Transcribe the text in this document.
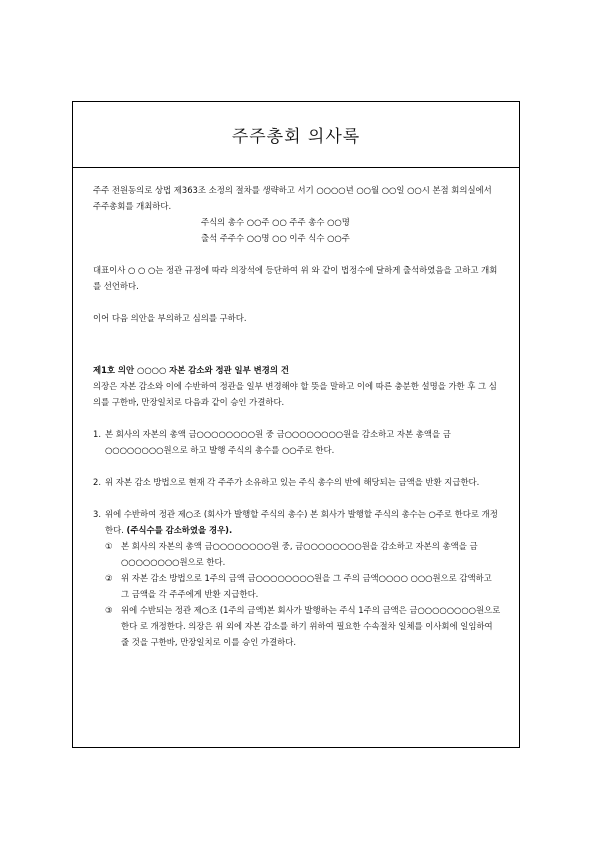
주주총회 의사록

주주 전원동의로 상법 제363조 소정의 절차를 생략하고 서기 ○○○○년 ○○월 ○○일 ○○시 본점 회의실에서 주주총회를 개최하다.

주식의 총수 ○○주 ○○ 주주 총수 ○○명

출석 주주수 ○○명 ○○ 이주 식수 ○○주

대표이사 ○ ○ ○는 정관 규정에 따라 의장석에 등단하여 위 와 같이 법정수에 달하게 출석하였음을 고하고 개회를 선언하다.

이어 다음 의안을 부의하고 심의를 구하다.

제1호 의안 ○○○○ 자본 감소와 정관 일부 변경의 건

의장은 자본 감소와 이에 수반하여 정관을 일부 변경해야 할 뜻을 말하고 이에 따른 충분한 설명을 가한 후 그 심의를 구한바, 만장일치로 다음과 같이 승인 가결하다.

1. 본 회사의 자본의 총액 금○○○○○○○○원 중 금○○○○○○○○원을 감소하고 자본 총액을 금○○○○○○○○원으로 하고 발행 주식의 총수를 ○○주로 한다.
2. 위 자본 감소 방법으로 현재 각 주주가 소유하고 있는 주식 총수의 반에 해당되는 금액을 반환 지급한다.
3. 위에 수반하여 정관 제○조 (회사가 발행할 주식의 총수) 본 회사가 발행할 주식의 총수는 ○주로 한다로 개정한다. (주식수를 감소하였을 경우).
①	본 회사의 자본의 총액 금○○○○○○○○원 중, 금○○○○○○○○원을 감소하고 자본의 총액을 금○○○○○○○○원으로 한다.
②	위 자본 감소 방법으로 1주의 금액 금○○○○○○○○원을 그 주의 금액○○○○ ○○○원으로 감액하고 그 금액을 각 주주에게 반환 지급한다.
③	위에 수반되는 정관 제○조 (1주의 금액)본 회사가 발행하는 주식 1주의 금액은 금○○○○○○○○원으로 한다 로 개정한다. 의장은 위 외에 자본 감소를 하기 위하여 필요한 수속절차 일체를 이사회에 일임하여 줄 것을 구한바, 만장일치로 이를 승인 가결하다.
